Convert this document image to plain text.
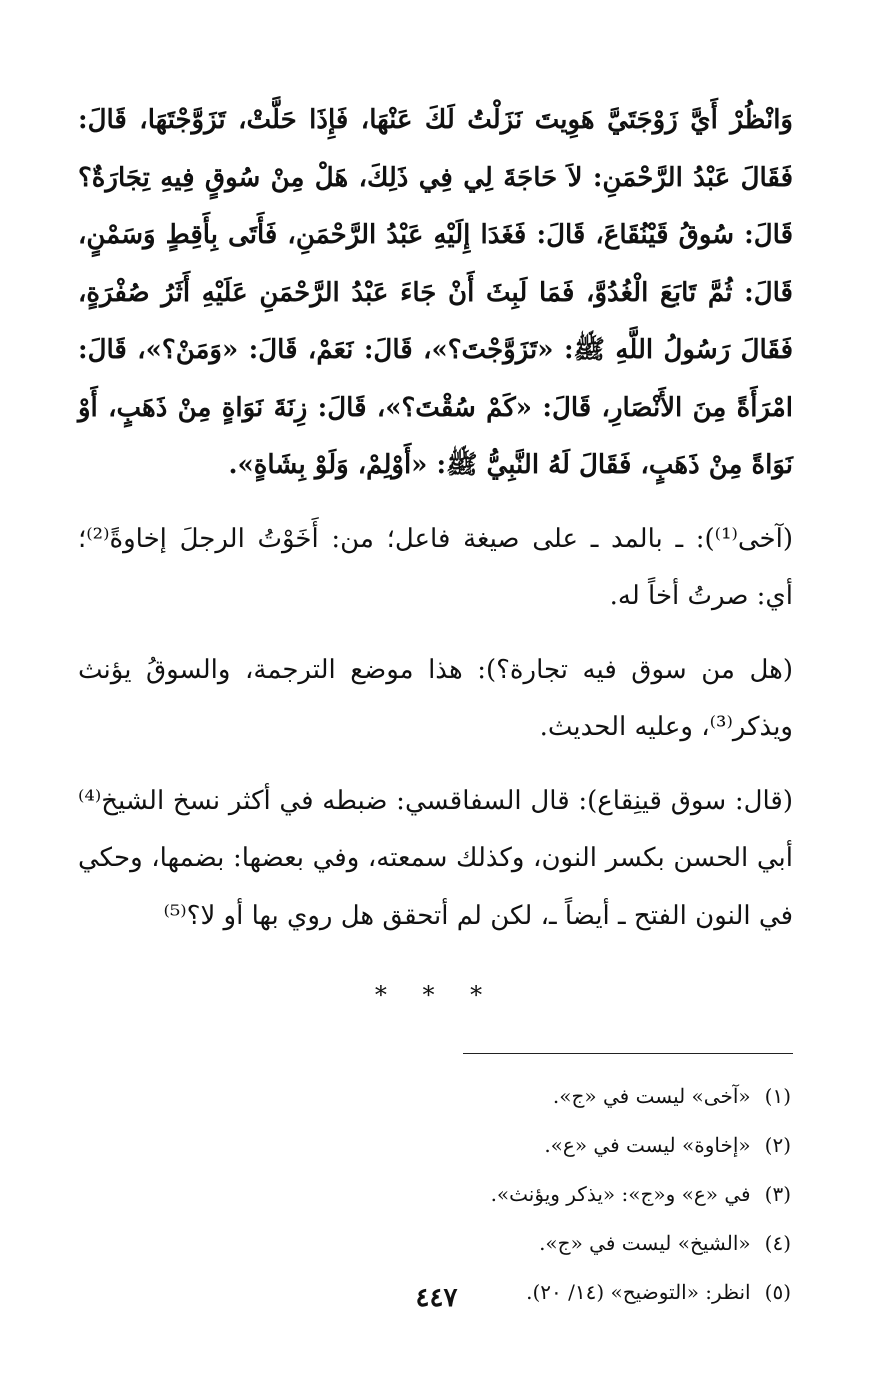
وَانْظُرْ أَيَّ زَوْجَتَيَّ هَوِيتَ نَزَلْتُ لَكَ عَنْهَا، فَإِذَا حَلَّتْ، تَزَوَّجْتَهَا، قَالَ: فَقَالَ عَبْدُ الرَّحْمَنِ: لاَ حَاجَةَ لِي فِي ذَلِكَ، هَلْ مِنْ سُوقٍ فِيهِ تِجَارَةٌ؟ قَالَ: سُوقُ قَيْنُقَاعَ، قَالَ: فَغَدَا إِلَيْهِ عَبْدُ الرَّحْمَنِ، فَأَتَى بِأَقِطٍ وَسَمْنٍ، قَالَ: ثُمَّ تَابَعَ الْغُدُوَّ، فَمَا لَبِثَ أَنْ جَاءَ عَبْدُ الرَّحْمَنِ عَلَيْهِ أَثَرُ صُفْرَةٍ، فَقَالَ رَسُولُ اللَّهِ ﷺ: «تَزَوَّجْتَ؟»، قَالَ: نَعَمْ، قَالَ: «وَمَنْ؟»، قَالَ: امْرَأَةً مِنَ الأَنْصَارِ، قَالَ: «كَمْ سُقْتَ؟»، قَالَ: زِنَةَ نَوَاةٍ مِنْ ذَهَبٍ، أَوْ نَوَاةً مِنْ ذَهَبٍ، فَقَالَ لَهُ النَّبِيُّ ﷺ: «أَوْلِمْ، وَلَوْ بِشَاةٍ».

(آخى⁽¹⁾): ـ بالمد ـ على صيغة فاعل؛ من: أَخَوْتُ الرجلَ إخاوةً⁽²⁾؛ أي: صرتُ أخاً له.

(هل من سوق فيه تجارة؟): هذا موضع الترجمة، والسوقُ يؤنث ويذكر⁽³⁾، وعليه الحديث.

(قال: سوق قينِقاع): قال السفاقسي: ضبطه في أكثر نسخ الشيخ⁽⁴⁾ أبي الحسن بكسر النون، وكذلك سمعته، وفي بعضها: بضمها، وحكي في النون الفتح ـ أيضاً ـ، لكن لم أتحقق هل روي بها أو لا؟⁽⁵⁾

* * *
(١)«آخى» ليست في «ج».
(٢)«إخاوة» ليست في «ع».
(٣)في «ع» و«ج»: «يذكر ويؤنث».
(٤)«الشيخ» ليست في «ج».
(٥)انظر: «التوضيح» (١٤/ ٢٠).
٤٤٧
